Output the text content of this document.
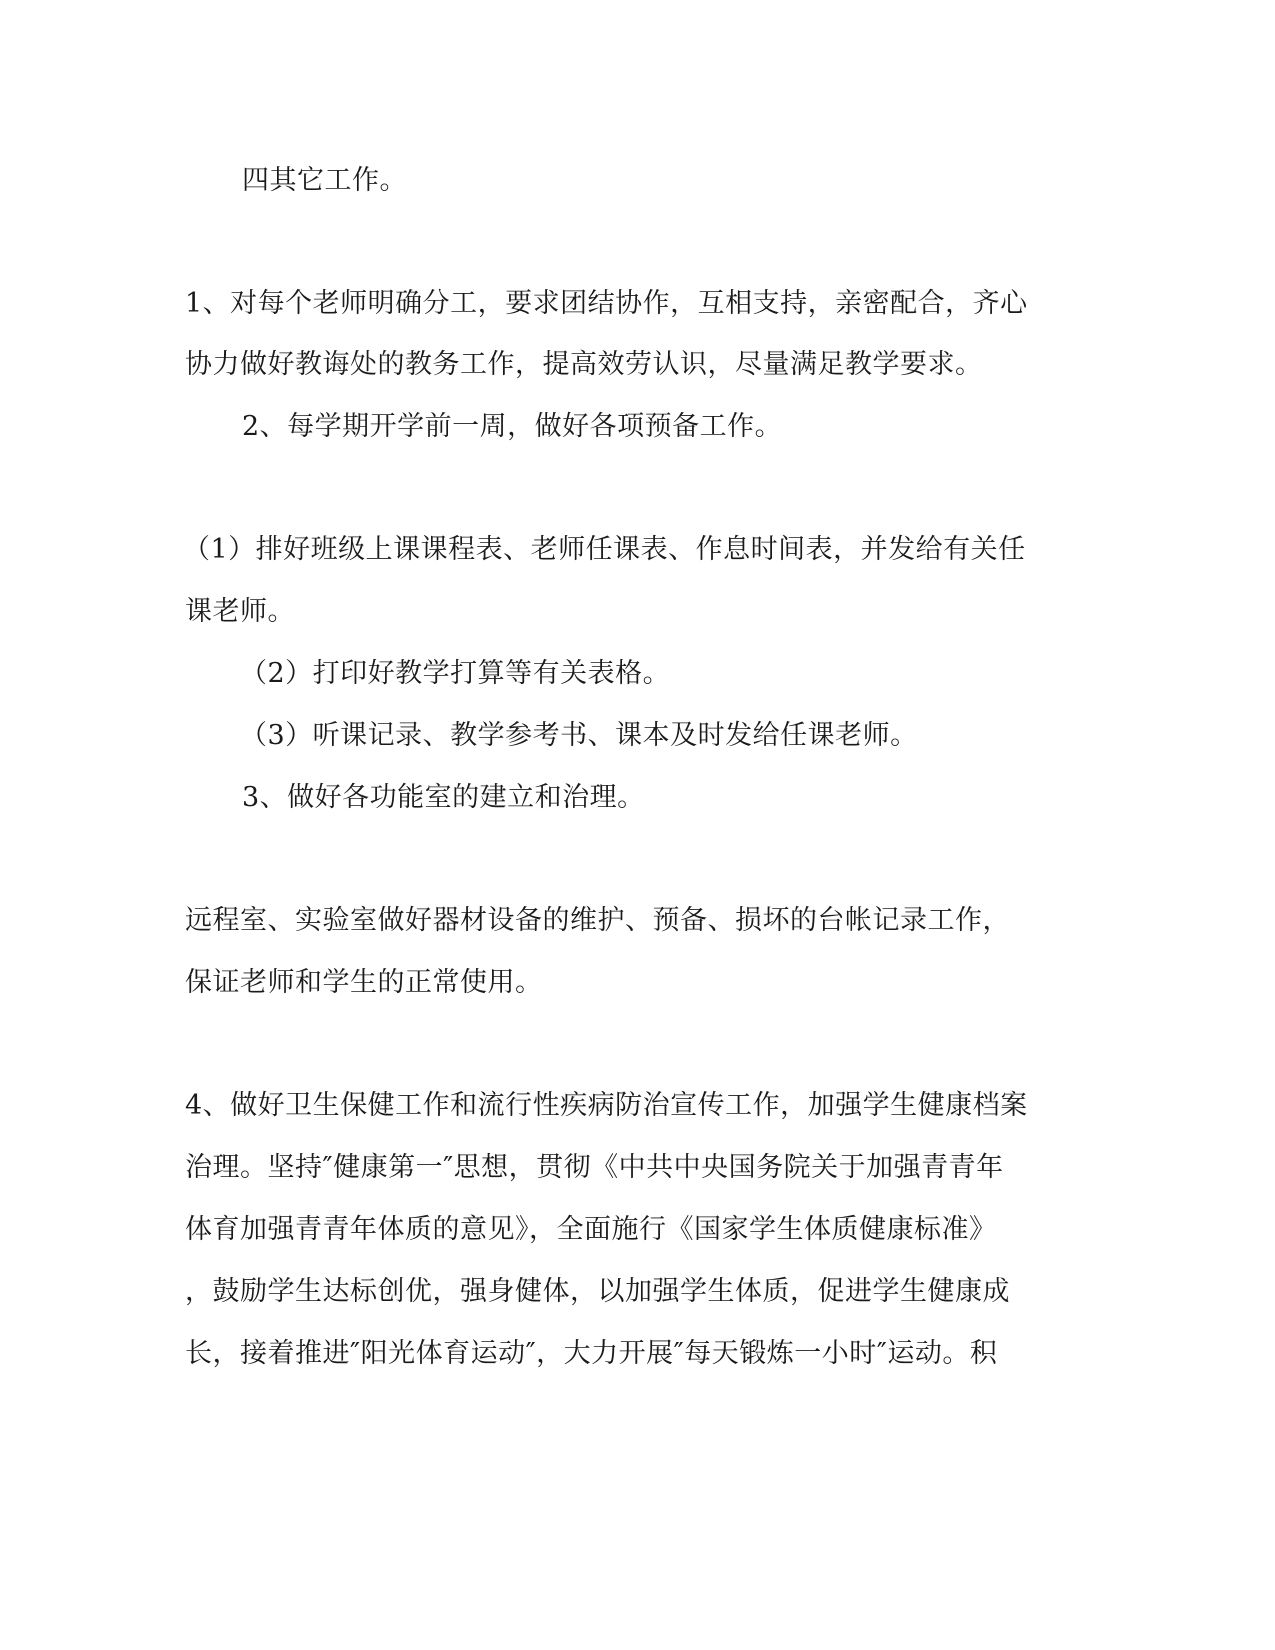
四其它工作。
1、对每个老师明确分工，要求团结协作，互相支持，亲密配合，齐心
协力做好教诲处的教务工作，提高效劳认识，尽量满足教学要求。
2、每学期开学前一周，做好各项预备工作。
（1）排好班级上课课程表、老师任课表、作息时间表，并发给有关任
课老师。
（2）打印好教学打算等有关表格。
（3）听课记录、教学参考书、课本及时发给任课老师。
3、做好各功能室的建立和治理。
远程室、实验室做好器材设备的维护、预备、损坏的台帐记录工作，
保证老师和学生的正常使用。
4、做好卫生保健工作和流行性疾病防治宣传工作，加强学生健康档案
治理。坚持″健康第一″思想，贯彻《中共中央国务院关于加强青青年
体育加强青青年体质的意见》，全面施行《国家学生体质健康标准》
，鼓励学生达标创优，强身健体，以加强学生体质，促进学生健康成
长，接着推进″阳光体育运动″，大力开展″每天锻炼一小时″运动。积
